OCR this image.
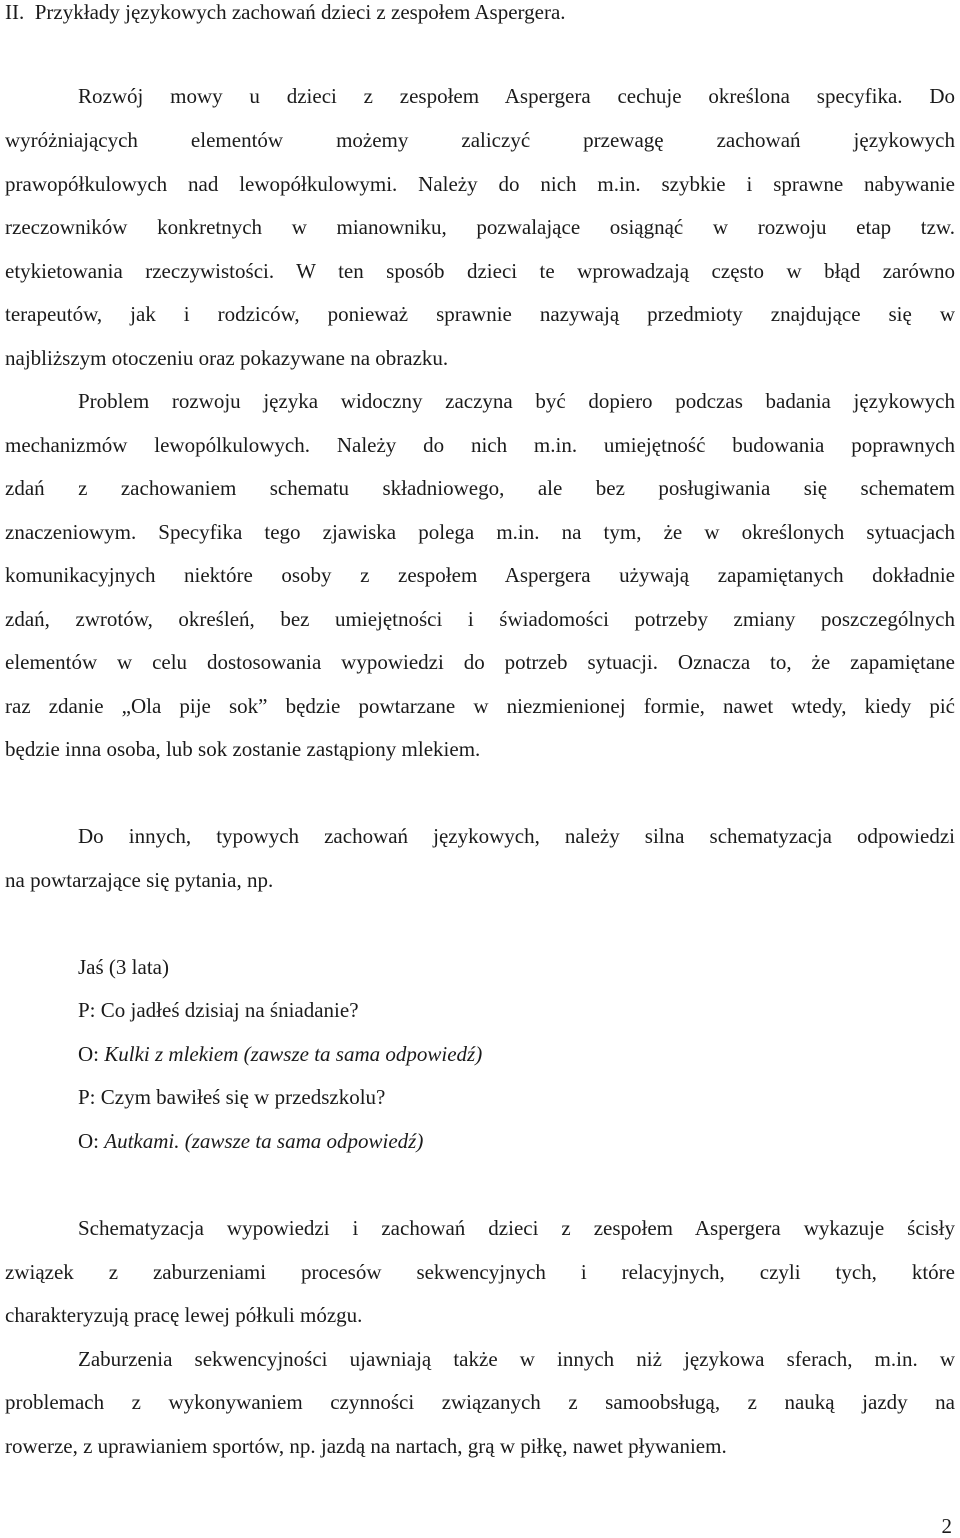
II.  Przykłady językowych zachowań dzieci z zespołem Aspergera.
Rozwój mowy u dzieci z zespołem Aspergera cechuje określona specyfika. Do
wyróżniających elementów możemy zaliczyć przewagę zachowań językowych
prawopółkulowych nad lewopółkulowymi. Należy do nich m.in. szybkie i sprawne nabywanie
rzeczowników konkretnych w mianowniku, pozwalające osiągnąć w rozwoju etap tzw.
etykietowania rzeczywistości. W ten sposób dzieci te wprowadzają często w błąd zarówno
terapeutów, jak i rodziców, ponieważ sprawnie nazywają przedmioty znajdujące się w
najbliższym otoczeniu oraz pokazywane na obrazku.
Problem rozwoju języka widoczny zaczyna być dopiero podczas badania językowych
mechanizmów lewopólkulowych. Należy do nich m.in. umiejętność budowania poprawnych
zdań z zachowaniem schematu składniowego, ale bez posługiwania się schematem
znaczeniowym. Specyfika tego zjawiska polega m.in. na tym, że w określonych sytuacjach
komunikacyjnych niektóre osoby z zespołem Aspergera używają zapamiętanych dokładnie
zdań, zwrotów, określeń, bez umiejętności i świadomości potrzeby zmiany poszczególnych
elementów w celu dostosowania wypowiedzi do potrzeb sytuacji. Oznacza to, że zapamiętane
raz zdanie „Ola pije sok” będzie powtarzane w niezmienionej formie, nawet wtedy, kiedy pić
będzie inna osoba, lub sok zostanie zastąpiony mlekiem.
Do innych, typowych zachowań językowych, należy silna schematyzacja odpowiedzi
na powtarzające się pytania, np.
Jaś (3 lata)
P: Co jadłeś dzisiaj na śniadanie?
O: Kulki z mlekiem (zawsze ta sama odpowiedź)
P: Czym bawiłeś się w przedszkolu?
O: Autkami. (zawsze ta sama odpowiedź)
Schematyzacja wypowiedzi i zachowań dzieci z zespołem Aspergera wykazuje ścisły
związek z zaburzeniami procesów sekwencyjnych i relacyjnych, czyli tych, które
charakteryzują pracę lewej półkuli mózgu.
Zaburzenia sekwencyjności ujawniają także w innych niż językowa sferach, m.in. w
problemach z wykonywaniem czynności związanych z samoobsługą, z nauką jazdy na
rowerze, z uprawianiem sportów, np. jazdą na nartach, grą w piłkę, nawet pływaniem.
2
